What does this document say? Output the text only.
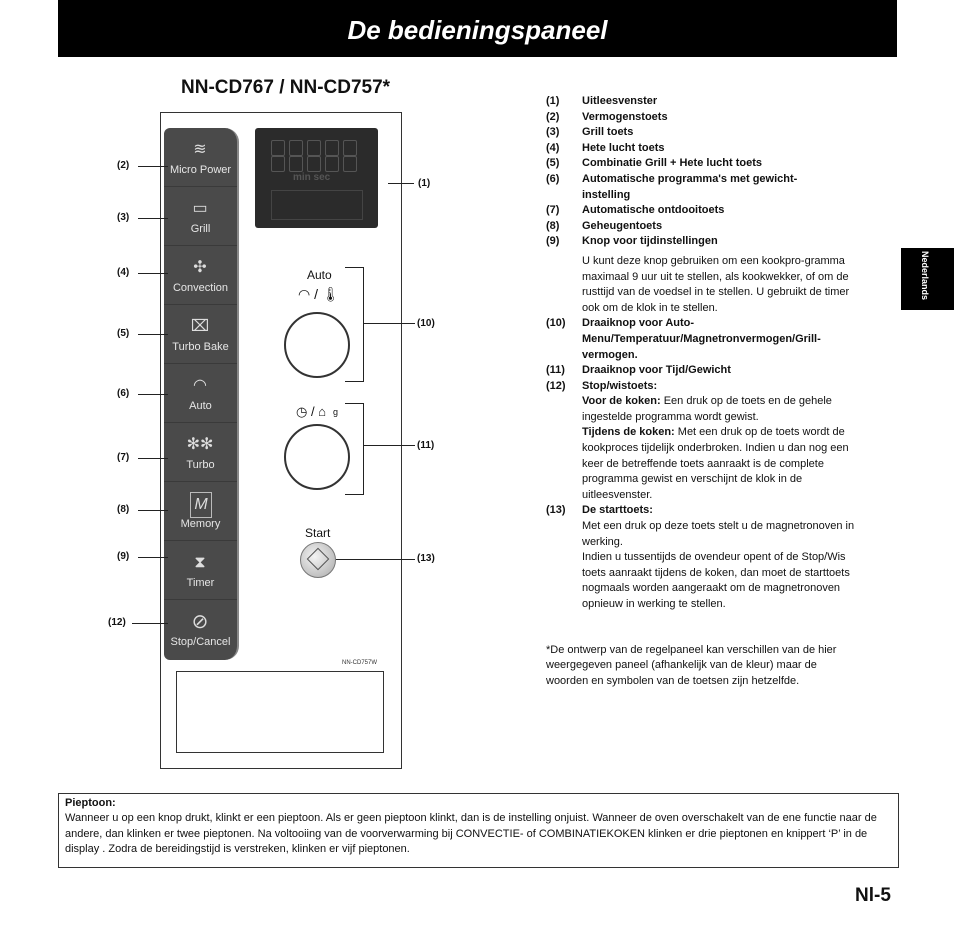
De bedieningspaneel
NN-CD767 / NN-CD757*
≋
Micro Power
▭
Grill
✣
Convection
⌧
Turbo Bake
◠
Auto
✻✻
Turbo
M
Memory
⧗
Timer
⊘
Stop/Cancel
min sec
Auto
◠ / 🌡
◷ / ⌂ g
Start
NN-CD757W
(2)
(3)
(4)
(5)
(6)
(7)
(8)
(9)
(12)
(1)
(10)
(11)
(13)
(1)	Uitleesvenster
(2)	Vermogenstoets
(3)	Grill toets
(4)	Hete lucht toets
(5)	Combinatie Grill + Hete lucht toets
(6)	Automatische programma's met gewicht-instelling
(7)	Automatische ontdooitoets
(8)	Geheugentoets
(9)	Knop voor tijdinstellingen
U kunt deze knop gebruiken om een kookpro-gramma maximaal 9 uur uit te stellen, als kookwekker, of om de rusttijd van de voedsel in te stellen. U gebruikt de timer ook om de klok in te stellen.
(10)	Draaiknop voor Auto-Menu/Temperatuur/Magnetronvermogen/Grill-vermogen.
(11)	Draaiknop voor Tijd/Gewicht
(12)	Stop/wistoets:
Voor de koken: Een druk op de toets en de gehele ingestelde programma wordt gewist.
Tijdens de koken: Met een druk op de toets wordt de kookproces tijdelijk onderbroken. Indien u dan nog een keer de betreffende toets aanraakt is de complete programma gewist en verschijnt de klok in de uitleesvenster.
(13)	De starttoets:
Met een druk op deze toets stelt u de magnetronoven in werking.
Indien u tussentijds de ovendeur opent of de Stop/Wis toets aanraakt tijdens de koken, dan moet de starttoets nogmaals worden aangeraakt om de magnetronoven opnieuw in werking te stellen.
*De ontwerp van de regelpaneel kan verschillen van de hier weergegeven paneel (afhankelijk van de kleur) maar de woorden en symbolen van de toetsen zijn hetzelfde.
Nederlands
Pieptoon:
Wanneer u op een knop drukt, klinkt er een pieptoon. Als er geen pieptoon klinkt, dan is de instelling onjuist. Wanneer de oven overschakelt van de ene functie naar de andere, dan klinken er twee pieptonen. Na voltooiing van de voorverwarming bij CONVECTIE- of COMBINATIEKOKEN klinken er drie pieptonen en knippert ‘P’ in de display . Zodra de bereidingstijd is verstreken, klinken er vijf pieptonen.
Nl-5
